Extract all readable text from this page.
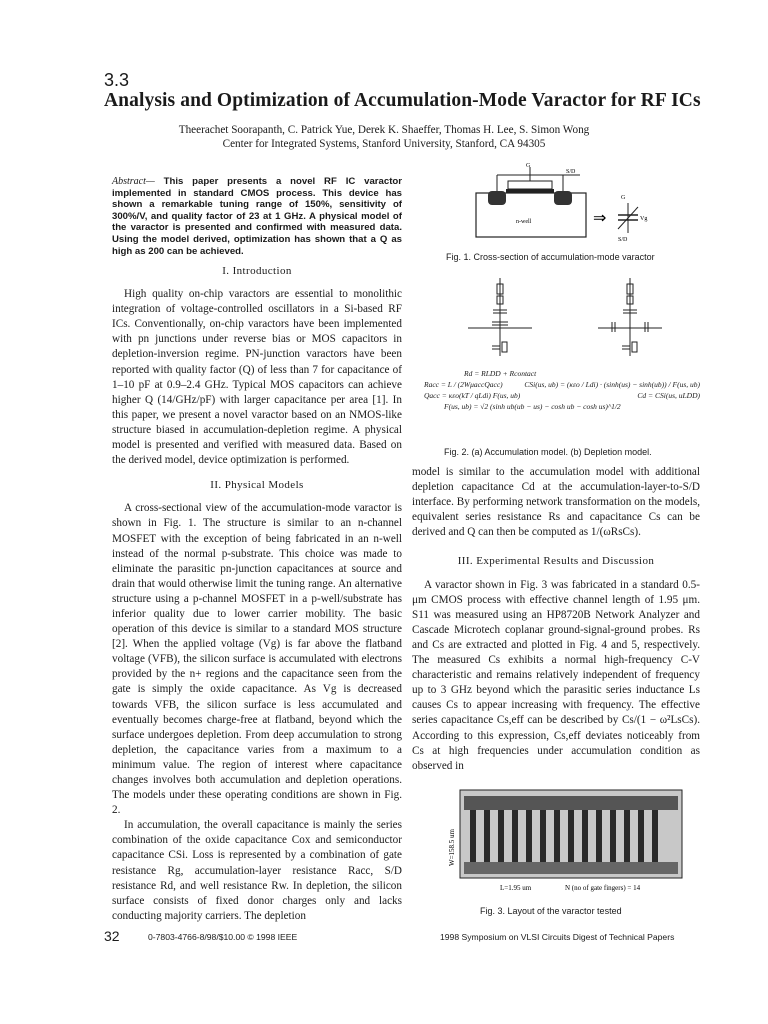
3.3
Analysis and Optimization of Accumulation-Mode Varactor for RF ICs
Theerachet Soorapanth, C. Patrick Yue, Derek K. Shaeffer, Thomas H. Lee, S. Simon Wong
Center for Integrated Systems, Stanford University, Stanford, CA 94305
Abstract— This paper presents a novel RF IC varactor implemented in standard CMOS process. This device has shown a remarkable tuning range of 150%, sensitivity of 300%/V, and quality factor of 23 at 1 GHz. A physical model of the varactor is presented and confirmed with measured data. Using the model derived, optimization has shown that a Q as high as 200 can be achieved.
I. Introduction

High quality on-chip varactors are essential to monolithic integration of voltage-controlled oscillators in a Si-based RF ICs. Conventionally, on-chip varactors have been implemented with pn junctions under reverse bias or MOS capacitors in depletion-inversion regime. PN-junction varactors have been reported with quality factor (Q) of less than 7 for capacitance of 1–10 pF at 0.9–2.4 GHz. Typical MOS capacitors can achieve higher Q (14/GHz/pF) with larger capacitance per area [1]. In this paper, we present a novel varactor based on an NMOS-like structure biased in accumulation-depletion regime. A physical model is presented and verified with measured data. Based on the derived model, device optimization is performed.

II. Physical Models

A cross-sectional view of the accumulation-mode varactor is shown in Fig. 1. The structure is similar to an n-channel MOSFET with the exception of being fabricated in an n-well instead of the normal p-substrate. This choice was made to eliminate the parasitic pn-junction capacitances at source and drain that would otherwise limit the tuning range. An alternative structure using a p-channel MOSFET in a p-well/substrate has inferior quality due to lower carrier mobility. The basic operation of this device is similar to a standard MOS structure [2]. When the applied voltage (Vg) is far above the flatband voltage (VFB), the silicon surface is accumulated with electrons provided by the n+ regions and the capacitance seen from the gate is simply the oxide capacitance. As Vg is decreased towards VFB, the silicon surface is less accumulated and eventually becomes charge-free at flatband, beyond which the surface undergoes depletion. From deep accumulation to strong depletion, the capacitance varies from a maximum to a minimum value. The region of interest where capacitance changes involves both accumulation and depletion operations. The models under these operating conditions are shown in Fig. 2.

In accumulation, the overall capacitance is mainly the series combination of the oxide capacitance Cox and semiconductor capacitance CSi. Loss is represented by a combination of gate resistance Rg, accumulation-layer resistance Racc, S/D resistance Rd, and well resistance Rw. In depletion, the silicon surface consists of fixed donor charges only and lacks conducting majority carriers. The depletion

G
S/D
n-well	⇒
G
Vg
S/D
Fig. 1. Cross-section of accumulation-mode varactor
Rd = RLDD + Rcontact
Racc = L / (2WμaccQacc)	CSi(us, ub) = (κεo / Ldi) · (sinh(us) − sinh(ub)) / F(us, ub)
Qacc = κεo(kT / qLdi) F(us, ub)	Cd = CSi(us, uLDD)
F(us, ub) = √2 (sinh ub(ub − us) − cosh ub − cosh us)^1/2
Fig. 2. (a) Accumulation model. (b) Depletion model.

model is similar to the accumulation model with additional depletion capacitance Cd at the accumulation-layer-to-S/D interface. By performing network transformation on the models, equivalent series resistance Rs and capacitance Cs can be derived and Q can then be computed as 1/(ωRsCs).

III. Experimental Results and Discussion

A varactor shown in Fig. 3 was fabricated in a standard 0.5-μm CMOS process with effective channel length of 1.95 μm. S11 was measured using an HP8720B Network Analyzer and Cascade Microtech coplanar ground-signal-ground probes. Rs and Cs are extracted and plotted in Fig. 4 and 5, respectively. The measured Cs exhibits a normal high-frequency C-V characteristic and remains relatively independent of frequency up to 3 GHz beyond which the parasitic series inductance Ls causes Cs to appear increasing with frequency. The effective series capacitance Cs,eff can be described by Cs/(1 − ω²LsCs). According to this expression, Cs,eff deviates noticeably from Cs at high frequencies under accumulation condition as observed in

W=158.5 um
L=1.95 um	N (no of gate fingers) = 14
Fig. 3. Layout of the varactor tested
32	0-7803-4766-8/98/$10.00 © 1998 IEEE	1998 Symposium on VLSI Circuits Digest of Technical Papers
